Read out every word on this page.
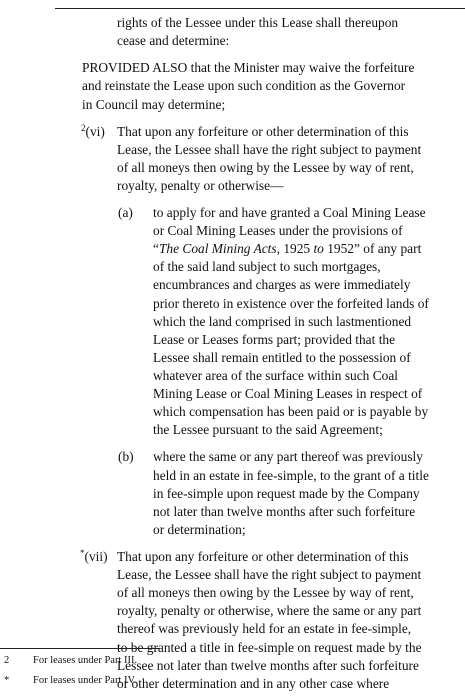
rights of the Lessee under this Lease shall thereupon

cease and determine:

PROVIDED ALSO that the Minister may waive the forfeiture

and reinstate the Lease upon such condition as the Governor

in Council may determine;

$^2$(vi) That upon any forfeiture or other determination of this

Lease, the Lessee shall have the right subject to payment

of all moneys then owing by the Lessee by way of rent,

royalty, penalty or otherwise—

(a) to apply for and have granted a Coal Mining Lease

or Coal Mining Leases under the provisions of

“The Coal Mining Acts, 1925 to 1952” of any part

of the said land subject to such mortgages,

encumbrances and charges as were immediately

prior thereto in existence over the forfeited lands of

which the land comprised in such lastmentioned

Lease or Leases forms part; provided that the

Lessee shall remain entitled to the possession of

whatever area of the surface within such Coal

Mining Lease or Coal Mining Leases in respect of

which compensation has been paid or is payable by

the Lessee pursuant to the said Agreement;

(b) where the same or any part thereof was previously

held in an estate in fee-simple, to the grant of a title

in fee-simple upon request made by the Company

not later than twelve months after such forfeiture

or determination;

*(vii) That upon any forfeiture or other determination of this

Lease, the Lessee shall have the right subject to payment

of all moneys then owing by the Lessee by way of rent,

royalty, penalty or otherwise, where the same or any part

thereof was previously held for an estate in fee-simple,

to be granted a title in fee-simple on request made by the

Lessee not later than twelve months after such forfeiture

or other determination and in any other case where

2 For leases under Part III.
* For leases under Part IV.
